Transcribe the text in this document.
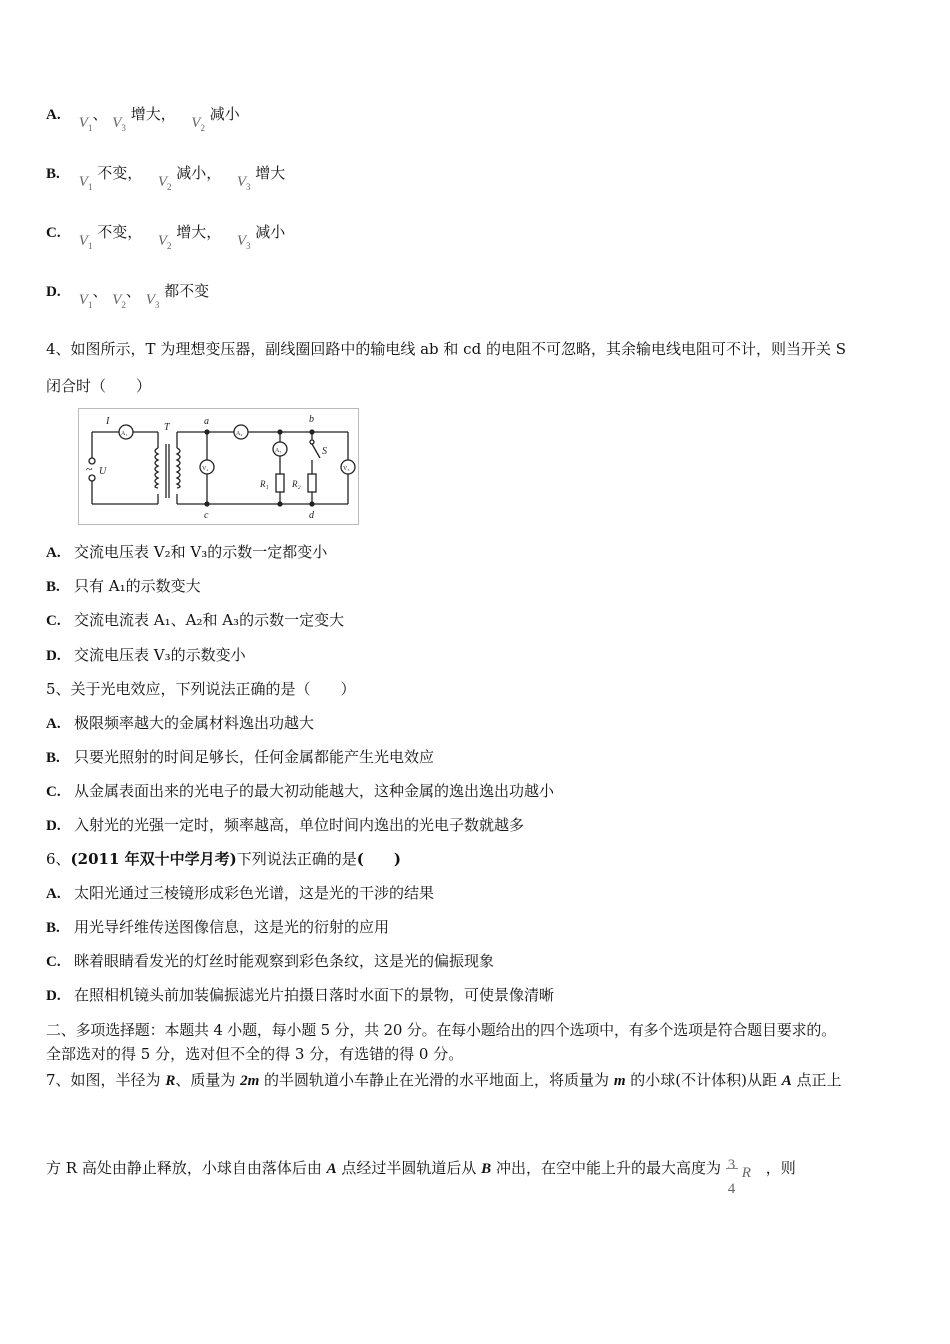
A. $V_1$、 $V_3$ 增大， $V_2$ 减小
B. $V_1$ 不变， $V_2$ 减小， $V_3$ 增大
C. $V_1$ 不变， $V_2$ 增大， $V_3$ 减小
D. $V_1$、 $V_2$、 $V_3$ 都不变
4、如图所示，T 为理想变压器，副线圈回路中的输电线 ab 和 cd 的电阻不可忽略，其余输电线电阻可不计，则当开关 S
闭合时（　　）
I
A₁
T
a
A₂
b
A₃	S
~ U	V₂
R₁	R₂
V₃
c	d
A. 交流电压表 V₂和 V₃的示数一定都变小
B. 只有 A₁的示数变大
C. 交流电流表 A₁、A₂和 A₃的示数一定变大
D. 交流电压表 V₃的示数变小
5、关于光电效应，下列说法正确的是（　　）
A. 极限频率越大的金属材料逸出功越大
B. 只要光照射的时间足够长，任何金属都能产生光电效应
C. 从金属表面出来的光电子的最大初动能越大，这种金属的逸出逸出功越小
D. 入射光的光强一定时，频率越高，单位时间内逸出的光电子数就越多
6、(2011 年双十中学月考)下列说法正确的是(　　)
A. 太阳光通过三棱镜形成彩色光谱，这是光的干涉的结果
B. 用光导纤维传送图像信息，这是光的衍射的应用
C. 眯着眼睛看发光的灯丝时能观察到彩色条纹，这是光的偏振现象
D. 在照相机镜头前加装偏振滤光片拍摄日落时水面下的景物，可使景像清晰
二、多项选择题：本题共 4 小题，每小题 5 分，共 20 分。在每小题给出的四个选项中，有多个选项是符合题目要求的。
全部选对的得 5 分，选对但不全的得 3 分，有选错的得 0 分。
7、如图，半径为 R、质量为 2m 的半圆轨道小车静止在光滑的水平地面上，将质量为 m 的小球(不计体积)从距 A 点正上
方 R 高处由静止释放，小球自由落体后由 A 点经过半圆轨道后从 B 冲出，在空中能上升的最大高度为 3
4
R ，则
